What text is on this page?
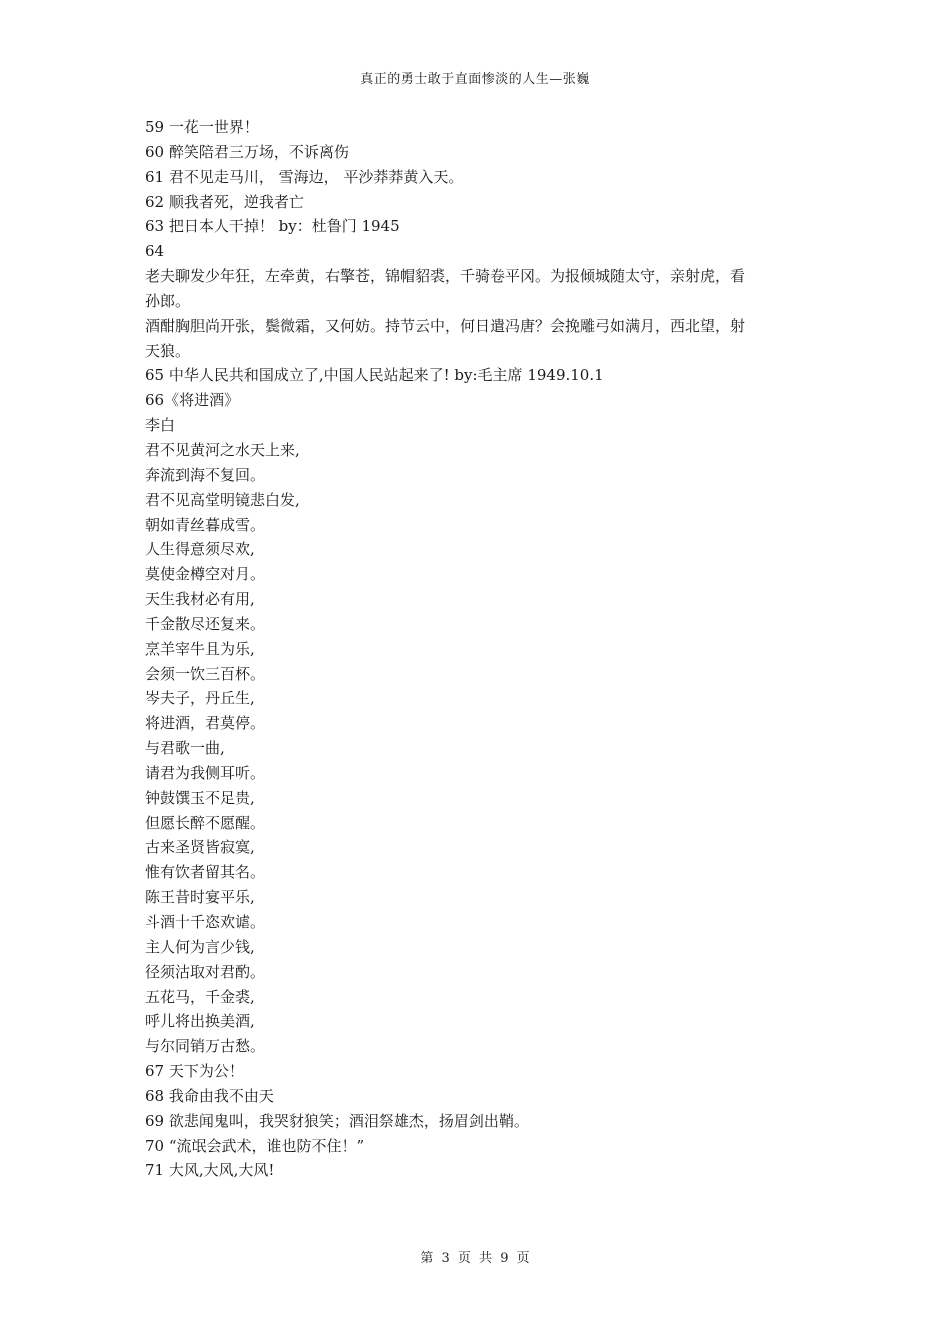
真正的勇士敢于直面惨淡的人生—张巍
59 一花一世界！
60 醉笑陪君三万场，不诉离伤
61 君不见走马川， 雪海边， 平沙莽莽黄入天。
62 顺我者死，逆我者亡
63 把日本人干掉！ by：杜鲁门 1945
64
老夫聊发少年狂，左牵黄，右擎苍，锦帽貂裘，千骑卷平冈。为报倾城随太守，亲射虎，看
孙郎。
酒酣胸胆尚开张，鬓微霜，又何妨。持节云中，何日遣冯唐？会挽雕弓如满月，西北望，射
天狼。
65 中华人民共和国成立了,中国人民站起来了! by:毛主席 1949.10.1
66《将进酒》
李白
君不见黄河之水天上来,
奔流到海不复回。
君不见高堂明镜悲白发,
朝如青丝暮成雪。
人生得意须尽欢,
莫使金樽空对月。
天生我材必有用,
千金散尽还复来。
烹羊宰牛且为乐,
会须一饮三百杯。
岑夫子，丹丘生,
将进酒，君莫停。
与君歌一曲,
请君为我侧耳听。
钟鼓馔玉不足贵,
但愿长醉不愿醒。
古来圣贤皆寂寞,
惟有饮者留其名。
陈王昔时宴平乐,
斗酒十千恣欢谑。
主人何为言少钱,
径须沽取对君酌。
五花马，千金裘,
呼儿将出换美酒,
与尔同销万古愁。
67 天下为公！
68 我命由我不由天
69 欲悲闻鬼叫，我哭豺狼笑；酒泪祭雄杰，扬眉剑出鞘。
70 “流氓会武术，谁也防不住！”
71 大风,大风,大风!
第 3 页 共 9 页
